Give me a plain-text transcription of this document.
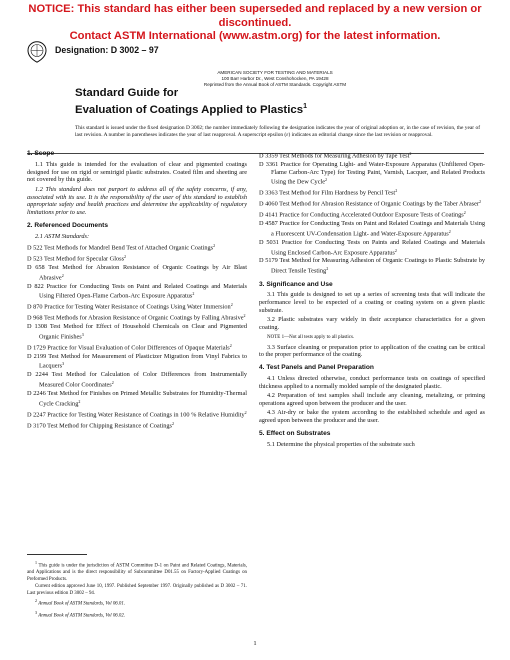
NOTICE: This standard has either been superseded and replaced by a new version or discontinued.
Contact ASTM International (www.astm.org) for the latest information.
Designation: D 3002 – 97
AMERICAN SOCIETY FOR TESTING AND MATERIALS
100 Barr Harbor Dr., West Conshohocken, PA 19428
Reprinted from the Annual Book of ASTM Standards. Copyright ASTM
Standard Guide for
Evaluation of Coatings Applied to Plastics$^1$
This standard is issued under the fixed designation D 3002; the number immediately following the designation indicates the year of original adoption or, in the case of revision, the year of last revision. A number in parentheses indicates the year of last reapproval. A superscript epsilon (ε) indicates an editorial change since the last revision or reapproval.
1. Scope
1.1 This guide is intended for the evaluation of clear and pigmented coatings designed for use on rigid or semirigid plastic substrates. Coated film and sheeting are not covered by this guide.
1.2 This standard does not purport to address all of the safety concerns, if any, associated with its use. It is the responsibility of the user of this standard to establish appropriate safety and health practices and determine the applicability of regulatory limitations prior to use.
2. Referenced Documents
2.1 ASTM Standards:
D 522 Test Methods for Mandrel Bend Test of Attached Organic Coatings$^2$
D 523 Test Method for Specular Gloss$^2$
D 658 Test Method for Abrasion Resistance of Organic Coatings by Air Blast Abrasive$^2$
D 822 Practice for Conducting Tests on Paint and Related Coatings and Materials Using Filtered Open-Flame Carbon-Arc Exposure Apparatus$^2$
D 870 Practice for Testing Water Resistance of Coatings Using Water Immersion$^2$
D 968 Test Methods for Abrasion Resistance of Organic Coatings by Falling Abrasive$^2$
D 1308 Test Method for Effect of Household Chemicals on Clear and Pigmented Organic Finishes$^3$
D 1729 Practice for Visual Evaluation of Color Differences of Opaque Materials$^2$
D 2199 Test Method for Measurement of Plasticizer Migration from Vinyl Fabrics to Lacquers$^3$
D 2244 Test Method for Calculation of Color Differences from Instrumentally Measured Color Coordinates$^2$
D 2246 Test Method for Finishes on Primed Metallic Substrates for Humidity-Thermal Cycle Cracking$^2$
D 2247 Practice for Testing Water Resistance of Coatings in 100 % Relative Humidity$^2$
D 3170 Test Method for Chipping Resistance of Coatings$^2$
$^1$ This guide is under the jurisdiction of ASTM Committee D-1 on Paint and Related Coatings, Materials, and Applications and is the direct responsibility of Subcommittee D01.55 on Factory-Applied Coatings on Preformed Products.
Current edition approved June 10, 1997. Published September 1997. Originally published as D 3002 – 71. Last previous edition D 3002 – 94.
$^2$ Annual Book of ASTM Standards, Vol 06.01.
$^3$ Annual Book of ASTM Standards, Vol 06.02.
D 3359 Test Methods for Measuring Adhesion by Tape Test$^2$
D 3361 Practice for Operating Light- and Water-Exposure Apparatus (Unfiltered Open-Flame Carbon-Arc Type) for Testing Paint, Varnish, Lacquer, and Related Products Using the Dew Cycle$^2$
D 3363 Test Method for Film Hardness by Pencil Test$^2$
D 4060 Test Method for Abrasion Resistance of Organic Coatings by the Taber Abraser$^2$
D 4141 Practice for Conducting Accelerated Outdoor Exposure Tests of Coatings$^2$
D 4587 Practice for Conducting Tests on Paint and Related Coatings and Materials Using a Fluorescent UV-Condensation Light- and Water-Exposure Apparatus$^2$
D 5031 Practice for Conducting Tests on Paints and Related Coatings and Materials Using Enclosed Carbon-Arc Exposure Apparatus$^2$
D 5179 Test Method for Measuring Adhesion of Organic Coatings to Plastic Substrate by Direct Tensile Testing$^2$
3. Significance and Use
3.1 This guide is designed to set up a series of screening tests that will indicate the performance level to be expected of a coating or coating system on a given plastic substrate.
3.2 Plastic substrates vary widely in their acceptance characteristics for a given coating.
NOTE 1—Not all tests apply to all plastics.
3.3 Surface cleaning or preparation prior to application of the coating can be critical to the proper performance of the coating.
4. Test Panels and Panel Preparation
4.1 Unless directed otherwise, conduct performance tests on coatings of specified thickness applied to a normally molded sample of the designated plastic.
4.2 Preparation of test samples shall include any cleaning, metalizing, or priming operations agreed upon between the producer and the user.
4.3 Air-dry or bake the system according to the established schedule and aged as agreed upon between the producer and the user.
5. Effect on Substrates
5.1 Determine the physical properties of the substrate such
1
